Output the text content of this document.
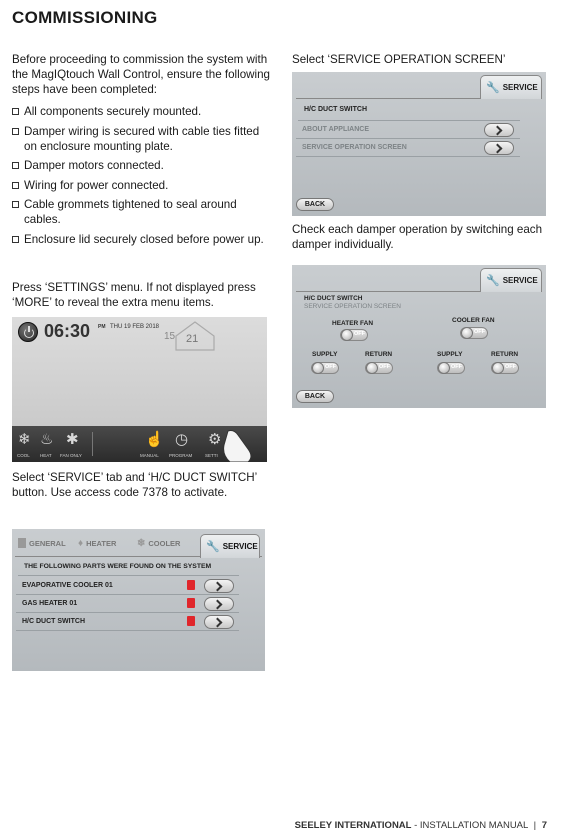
COMMISSIONING
Before proceeding to commission the system with the MagIQtouch Wall Control, ensure the following steps have been completed:
All components securely mounted.
Damper wiring is secured with cable ties fitted on enclosure mounting plate.
Damper motors connected.
Wiring for power connected.
Cable grommets tightened to seal around cables.
Enclosure lid securely closed before power up.
Press ‘SETTINGS’ menu. If not displayed press ‘MORE’ to reveal the extra menu items.
06:30 PM THU 19 FEB 2018
15 21
❄
COOL
♨
HEAT
✱
FAN ONLY
☝
MANUAL
◷
PROGRAM
⚙
SETTI
Select ‘SERVICE’ tab and ‘H/C DUCT SWITCH’ button. Use access code 7378 to activate.
GENERAL ♦ HEATER ❄ COOLER 🔧 SERVICE
THE FOLLOWING PARTS WERE FOUND ON THE SYSTEM
EVAPORATIVE COOLER 01
GAS HEATER 01
H/C DUCT SWITCH
Select ‘SERVICE OPERATION SCREEN’
🔧 SERVICE
H/C DUCT SWITCH
ABOUT APPLIANCE
SERVICE OPERATION SCREEN
BACK
Check each damper operation by switching each damper individually.
🔧 SERVICE
H/C DUCT SWITCH
SERVICE OPERATION SCREEN
HEATER FAN
OFF
COOLER FAN
OFF
SUPPLY	RETURN	SUPPLY	RETURN
OFF	OFF	OFF	OFF
BACK
SEELEY INTERNATIONAL - INSTALLATION MANUAL | 7
